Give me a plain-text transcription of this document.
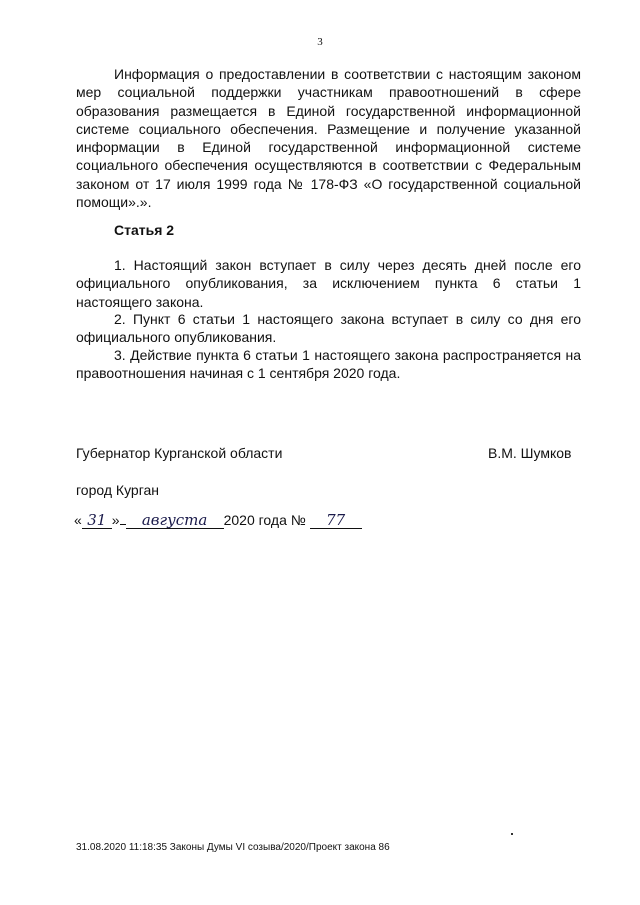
3
Информация о предоставлении в соответствии с настоящим законом мер социальной поддержки участникам правоотношений в сфере образования размещается в Единой государственной информационной системе социального обеспечения. Размещение и получение указанной информации в Единой государственной информационной системе социального обеспечения осуществляются в соответствии с Федеральным законом от 17 июля 1999 года № 178-ФЗ «О государственной социальной помощи».».
Статья 2
1. Настоящий закон вступает в силу через десять дней после его официального опубликования, за исключением пункта 6 статьи 1 настоящего закона.
2. Пункт 6 статьи 1 настоящего закона вступает в силу со дня его официального опубликования.
3. Действие пункта 6 статьи 1 настоящего закона распространяется на правоотношения начиная с 1 сентября 2020 года.
Губернатор Курганской области	В.М. Шумков
город Курган
« 31 » августа 2020 года № 77
31.08.2020 11:18:35 Законы Думы VI созыва/2020/Проект закона 86
